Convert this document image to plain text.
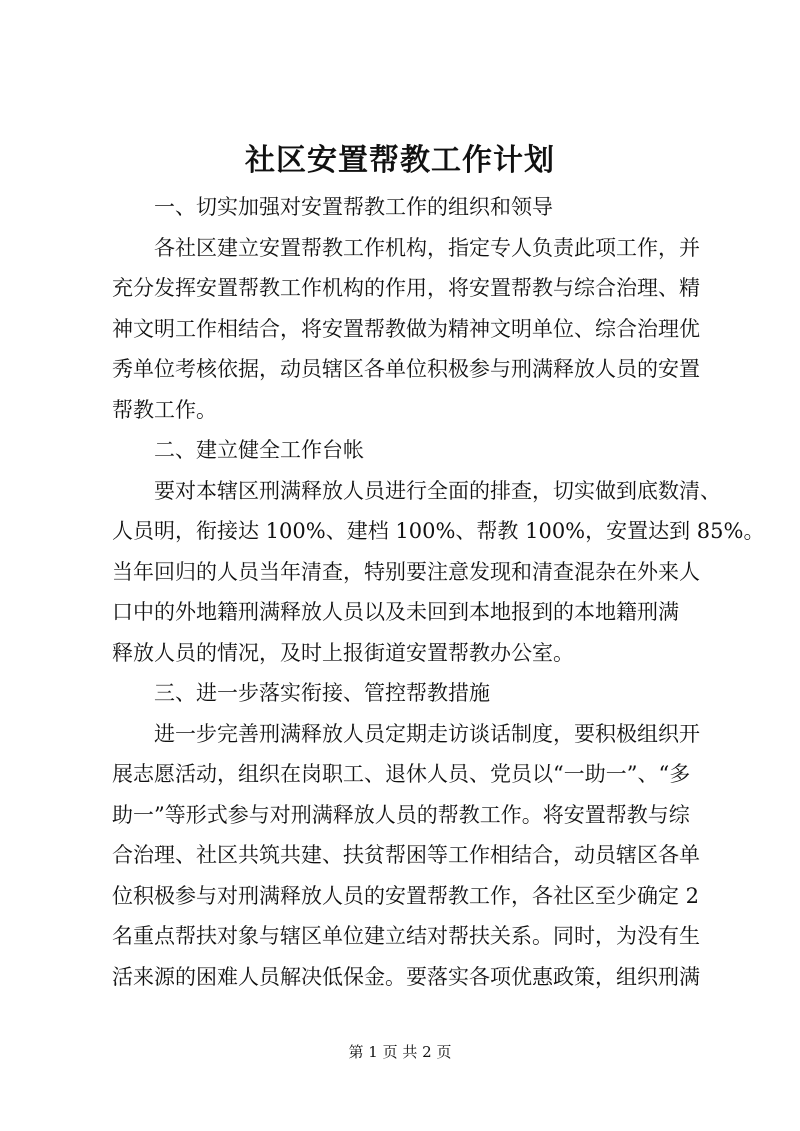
社区安置帮教工作计划
一、切实加强对安置帮教工作的组织和领导
各社区建立安置帮教工作机构，指定专人负责此项工作，并
充分发挥安置帮教工作机构的作用，将安置帮教与综合治理、精
神文明工作相结合，将安置帮教做为精神文明单位、综合治理优
秀单位考核依据，动员辖区各单位积极参与刑满释放人员的安置
帮教工作。
二、建立健全工作台帐
要对本辖区刑满释放人员进行全面的排查，切实做到底数清、
人员明，衔接达 100%、建档 100%、帮教 100%，安置达到 85%。
当年回归的人员当年清查，特别要注意发现和清查混杂在外来人
口中的外地籍刑满释放人员以及未回到本地报到的本地籍刑满
释放人员的情况，及时上报街道安置帮教办公室。
三、进一步落实衔接、管控帮教措施
进一步完善刑满释放人员定期走访谈话制度，要积极组织开
展志愿活动，组织在岗职工、退休人员、党员以“一助一”、“多
助一”等形式参与对刑满释放人员的帮教工作。将安置帮教与综
合治理、社区共筑共建、扶贫帮困等工作相结合，动员辖区各单
位积极参与对刑满释放人员的安置帮教工作，各社区至少确定 2
名重点帮扶对象与辖区单位建立结对帮扶关系。同时，为没有生
活来源的困难人员解决低保金。要落实各项优惠政策，组织刑满
第 1 页 共 2 页
